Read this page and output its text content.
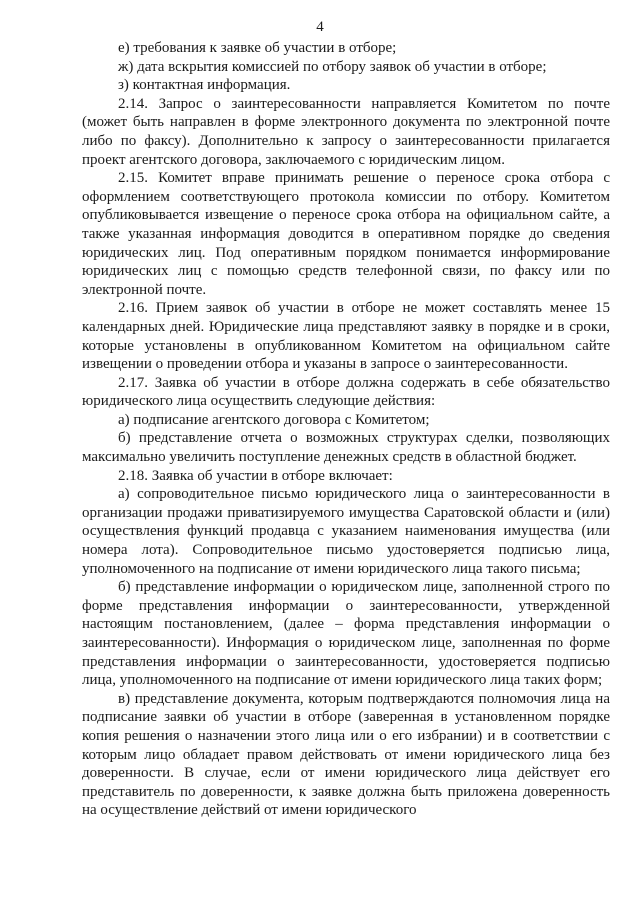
4

е) требования к заявке об участии в отборе;

ж) дата вскрытия комиссией по отбору заявок об участии в отборе;

з) контактная информация.

2.14. Запрос о заинтересованности направляется Комитетом по почте (может быть направлен в форме электронного документа по электронной почте либо по факсу). Дополнительно к запросу о заинтересованности прилагается проект агентского договора, заключаемого с юридическим лицом.

2.15. Комитет вправе принимать решение о переносе срока отбора с оформлением соответствующего протокола комиссии по отбору. Комитетом опубликовывается извещение о переносе срока отбора на официальном сайте, а также указанная информация доводится в оперативном порядке до сведения юридических лиц. Под оперативным порядком понимается информирование юридических лиц с помощью средств телефонной связи, по факсу или по электронной почте.

2.16. Прием заявок об участии в отборе не может составлять менее 15 календарных дней. Юридические лица представляют заявку в порядке и в сроки, которые установлены в опубликованном Комитетом на официальном сайте извещении о проведении отбора и указаны в запросе о заинтересованности.

2.17. Заявка об участии в отборе должна содержать в себе обязательство юридического лица осуществить следующие действия:

а) подписание агентского договора с Комитетом;

б) представление отчета о возможных структурах сделки, позволяющих максимально увеличить поступление денежных средств в областной бюджет.

2.18. Заявка об участии в отборе включает:

а) сопроводительное письмо юридического лица о заинтересованности в организации продажи приватизируемого имущества Саратовской области и (или) осуществления функций продавца с указанием наименования имущества (или номера лота). Сопроводительное письмо удостоверяется подписью лица, уполномоченного на подписание от имени юридического лица такого письма;

б) представление информации о юридическом лице, заполненной строго по форме представления информации о заинтересованности, утвержденной настоящим постановлением, (далее – форма представления информации о заинтересованности). Информация о юридическом лице, заполненная по форме представления информации о заинтересованности, удостоверяется подписью лица, уполномоченного на подписание от имени юридического лица таких форм;

в) представление документа, которым подтверждаются полномочия лица на подписание заявки об участии в отборе (заверенная в установленном порядке копия решения о назначении этого лица или о его избрании) и в соответствии с которым лицо обладает правом действовать от имени юридического лица без доверенности. В случае, если от имени юридического лица действует его представитель по доверенности, к заявке должна быть приложена доверенность на осуществление действий от имени юридического
